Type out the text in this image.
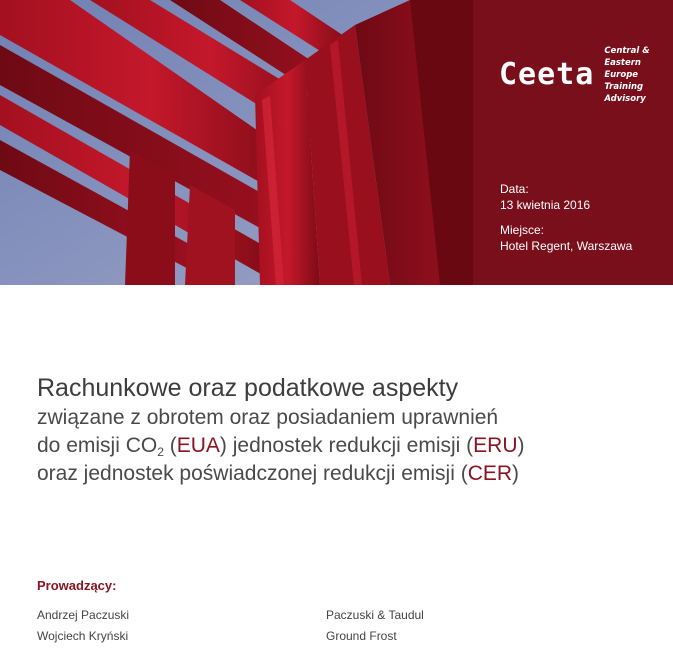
Ceeta
Central & Eastern Europe
Training Advisory
Data:
13 kwietnia 2016
Miejsce:
Hotel Regent, Warszawa
Rachunkowe oraz podatkowe aspekty

związane z obrotem oraz posiadaniem uprawnień

do emisji $CO_2$ (EUA) jednostek redukcji emisji (ERU)

oraz jednostek poświadczonej redukcji emisji (CER)

Prowadzący:
Andrzej Paczuski
Wojciech Kryński
Paczuski & Taudul
Ground Frost
